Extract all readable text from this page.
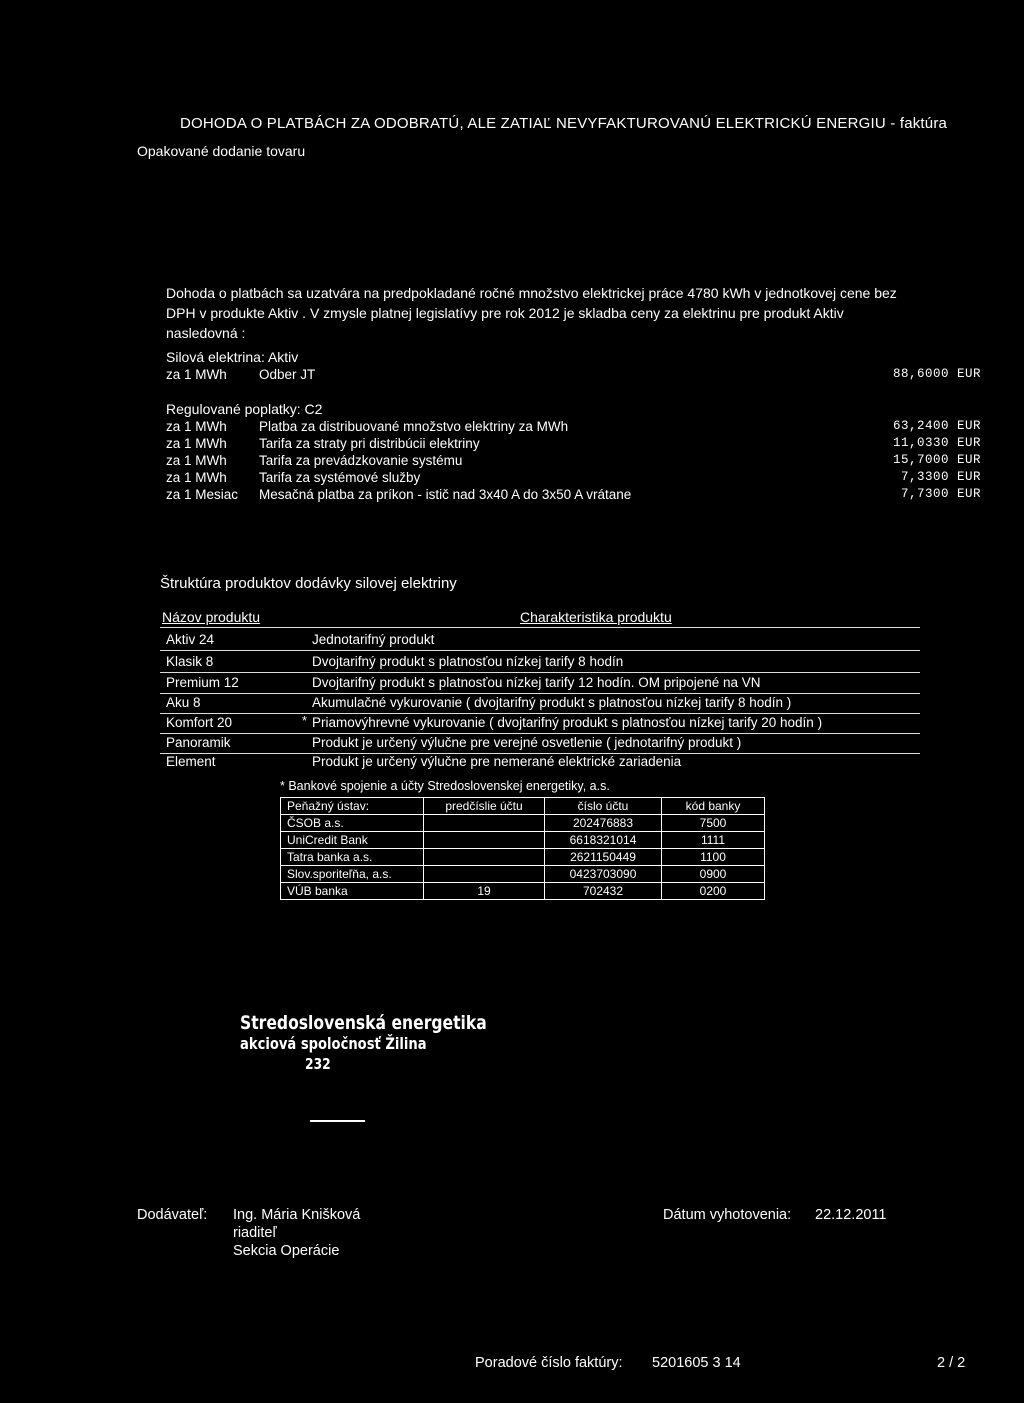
DOHODA O PLATBÁCH ZA ODOBRATÚ, ALE ZATIAĽ NEVYFAKTUROVANÚ ELEKTRICKÚ ENERGIU - faktúra
Opakované dodanie tovaru
Dohoda o platbách sa uzatvára na predpokladané ročné množstvo elektrickej práce 4780 kWh v jednotkovej cene bez DPH v produkte Aktiv . V zmysle platnej legislatívy pre rok 2012 je skladba ceny za elektrinu pre produkt Aktiv nasledovná :
Silová elektrina: Aktiv
za 1 MWh Odber JT	88,6000 EUR
Regulované poplatky: C2
za 1 MWh Platba za distribuované množstvo elektriny za MWh	63,2400 EUR
za 1 MWh Tarifa za straty pri distribúcii elektriny	11,0330 EUR
za 1 MWh Tarifa za prevádzkovanie systému	15,7000 EUR
za 1 MWh Tarifa za systémové služby	7,3300 EUR
za 1 Mesiac Mesačná platba za príkon - istič nad 3x40 A do 3x50 A vrátane	7,7300 EUR
Štruktúra produktov dodávky silovej elektriny
Názov produktu	Charakteristika produktu
Aktiv 24	Jednotarifný produkt
Klasik 8	Dvojtarifný produkt s platnosťou nízkej tarify 8 hodín
Premium 12	Dvojtarifný produkt s platnosťou nízkej tarify 12 hodín. OM pripojené na VN
Aku 8	Akumulačné vykurovanie ( dvojtarifný produkt s platnosťou nízkej tarify 8 hodín )
Komfort 20	* Priamovýhrevné vykurovanie ( dvojtarifný produkt s platnosťou nízkej tarify 20 hodín )
Panoramik	Produkt je určený výlučne pre verejné osvetlenie ( jednotarifný produkt )
Element	Produkt je určený výlučne pre nemerané elektrické zariadenia
* Bankové spojenie a účty Stredoslovenskej energetiky, a.s.
Peňažný ústav:	predčíslie účtu	číslo účtu	kód banky
ČSOB a.s.		202476883	7500
UniCredit Bank		6618321014	1111
Tatra banka a.s.		2621150449	1100
Slov.sporiteľňa, a.s.		0423703090	0900
VÚB banka	19	702432	0200
Stredoslovenská energetika
akciová spoločnosť Žilina
232
Dodávateľ: Ing. Mária Knišková
riaditeľ
Sekcia Operácie
Dátum vyhotovenia: 22.12.2011
Poradové číslo faktúry: 5201605 3 14	2 / 2
